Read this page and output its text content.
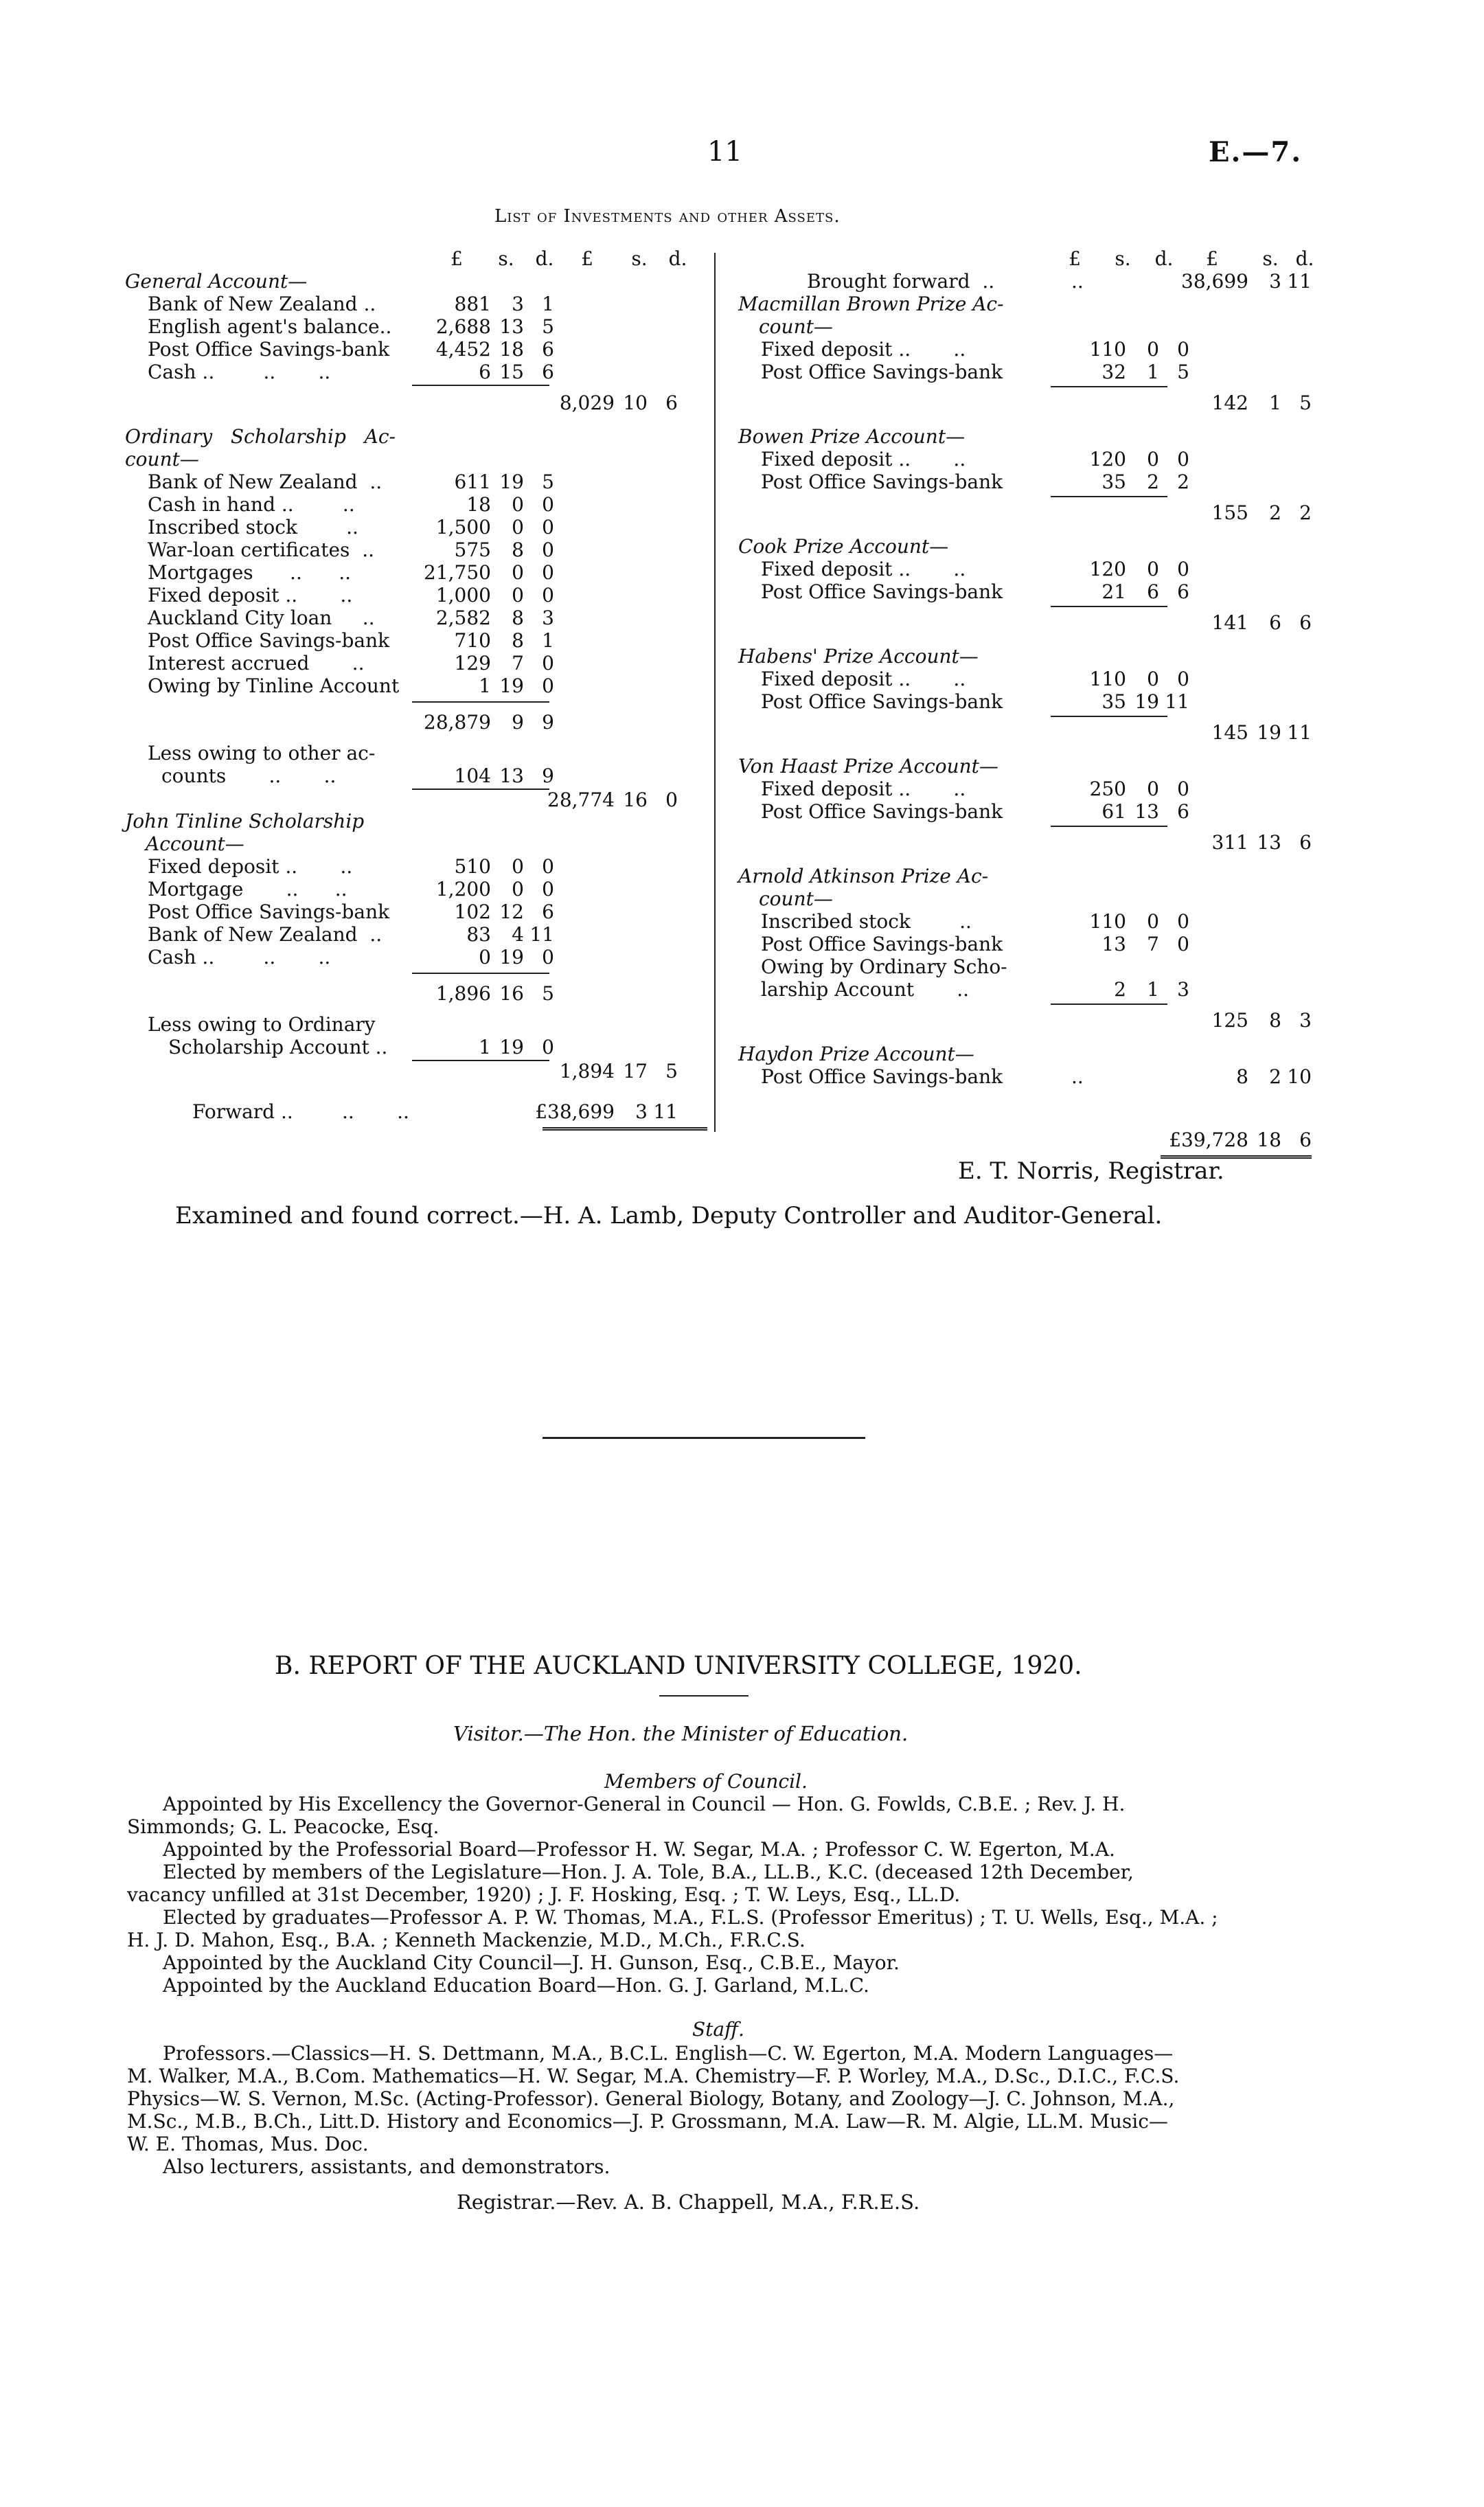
11	E.—7.
List of Investments and other Assets.
£ s. d. £ s. d.
General Account—
Bank of New Zealand ..	881	3 1
English agent's balance..	2,688 13 5
Post Office Savings-bank	4,452 18 6
Cash ..        ..       ..	6 15 6
8,029 10 6
Ordinary   Scholarship   Ac-
count—
Bank of New Zealand  ..	611 19 5
Cash in hand ..        ..	18	0 0
Inscribed stock        ..	1,500	0 0
War-loan certificates  ..	575	8 0
Mortgages      ..      ..	21,750	0 0
Fixed deposit ..       ..	1,000	0 0
Auckland City loan     ..	2,582	8 3
Post Office Savings-bank	710	8 1
Interest accrued       ..	129	7 0
Owing by Tinline Account	1 19 0
28,879	9 9
Less owing to other ac-
counts       ..       ..	104 13 9
28,774 16 0
John Tinline Scholarship
Account—
Fixed deposit ..       ..	510	0 0
Mortgage       ..      ..	1,200	0 0
Post Office Savings-bank	102 12 6
Bank of New Zealand  ..	83	4 11
Cash ..        ..       ..	0 19 0
1,896 16 5
Less owing to Ordinary
Scholarship Account ..	1 19 0
1,894 17 5
Forward ..        ..       ..	£38,699	3 11
£ s. d. £ s. d.
Brought forward  ..	..	38,699	3 11
Macmillan Brown Prize Ac-
count—
Fixed deposit ..       ..	110	0 0
Post Office Savings-bank	32	1 5
142	1 5
Bowen Prize Account—
Fixed deposit ..       ..	120	0 0
Post Office Savings-bank	35	2 2
155	2 2
Cook Prize Account—
Fixed deposit ..       ..	120	0 0
Post Office Savings-bank	21	6 6
141	6 6
Habens' Prize Account—
Fixed deposit ..       ..	110	0 0
Post Office Savings-bank	35 19 11
145 19 11
Von Haast Prize Account—
Fixed deposit ..       ..	250	0 0
Post Office Savings-bank	61 13 6
311 13 6
Arnold Atkinson Prize Ac-
count—
Inscribed stock        ..	110	0 0
Post Office Savings-bank	13	7 0
Owing by Ordinary Scho-
larship Account       ..	2	1 3
125	8 3
Haydon Prize Account—
Post Office Savings-bank	..	8	2 10
£39,728 18 6
E. T. Norris, Registrar.
Examined and found correct.—H. A. Lamb, Deputy Controller and Auditor-General.
B. REPORT OF THE AUCKLAND UNIVERSITY COLLEGE, 1920.
Visitor.—The Hon. the Minister of Education.
Members of Council.
Appointed by His Excellency the Governor-General in Council — Hon. G. Fowlds, C.B.E. ; Rev. J. H.
Simmonds; G. L. Peacocke, Esq.
Appointed by the Professorial Board—Professor H. W. Segar, M.A. ; Professor C. W. Egerton, M.A.
Elected by members of the Legislature—Hon. J. A. Tole, B.A., LL.B., K.C. (deceased 12th December,
vacancy unfilled at 31st December, 1920) ; J. F. Hosking, Esq. ; T. W. Leys, Esq., LL.D.
Elected by graduates—Professor A. P. W. Thomas, M.A., F.L.S. (Professor Emeritus) ; T. U. Wells, Esq., M.A. ;
H. J. D. Mahon, Esq., B.A. ; Kenneth Mackenzie, M.D., M.Ch., F.R.C.S.
Appointed by the Auckland City Council—J. H. Gunson, Esq., C.B.E., Mayor.
Appointed by the Auckland Education Board—Hon. G. J. Garland, M.L.C.
Staff.
Professors.—Classics—H. S. Dettmann, M.A., B.C.L. English—C. W. Egerton, M.A. Modern Languages—
M. Walker, M.A., B.Com. Mathematics—H. W. Segar, M.A. Chemistry—F. P. Worley, M.A., D.Sc., D.I.C., F.C.S.
Physics—W. S. Vernon, M.Sc. (Acting-Professor). General Biology, Botany, and Zoology—J. C. Johnson, M.A.,
M.Sc., M.B., B.Ch., Litt.D. History and Economics—J. P. Grossmann, M.A. Law—R. M. Algie, LL.M. Music—
W. E. Thomas, Mus. Doc.
Also lecturers, assistants, and demonstrators.
Registrar.—Rev. A. B. Chappell, M.A., F.R.E.S.
